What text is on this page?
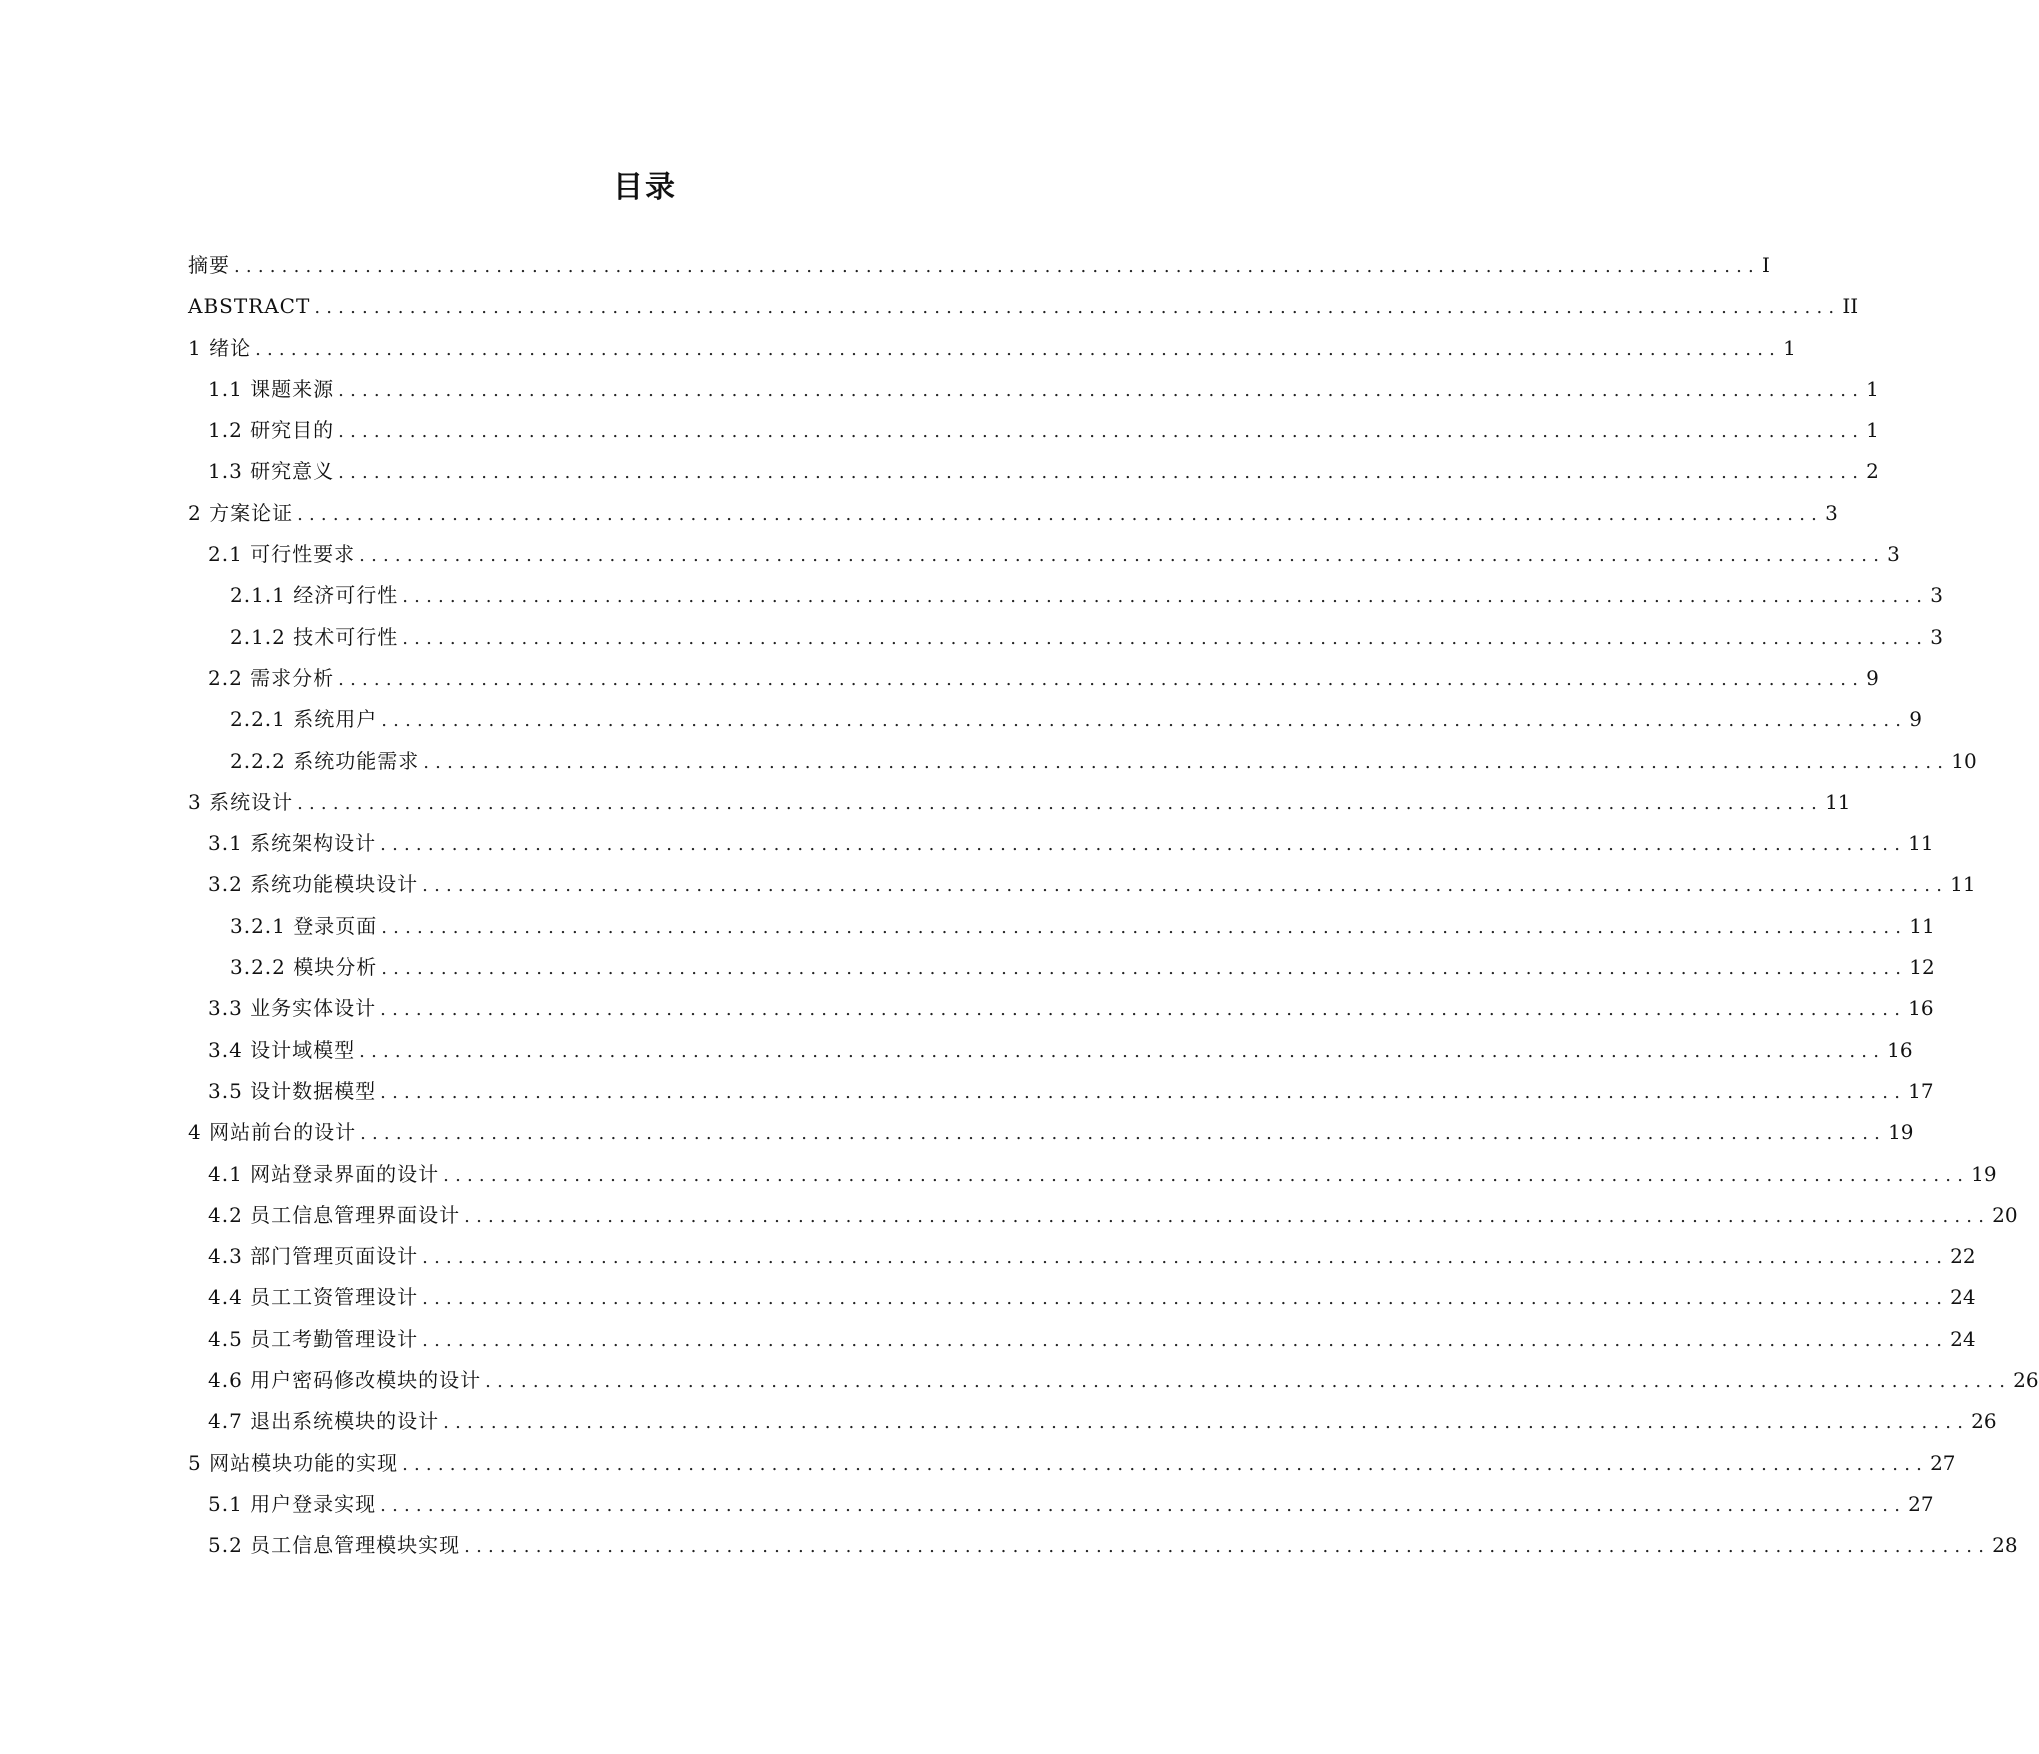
目录
摘要 ................................................................................................................................ I
ABSTRACT ................................................................................................................................ II
1 绪论 ................................................................................................................................ 1
1.1 课题来源 ................................................................................................................................ 1
1.2 研究目的 ................................................................................................................................ 1
1.3 研究意义 ................................................................................................................................ 2
2 方案论证 ................................................................................................................................ 3
2.1 可行性要求 ................................................................................................................................ 3
2.1.1 经济可行性 ................................................................................................................................ 3
2.1.2 技术可行性 ................................................................................................................................ 3
2.2 需求分析 ................................................................................................................................ 9
2.2.1 系统用户 ................................................................................................................................ 9
2.2.2 系统功能需求 ................................................................................................................................ 10
3 系统设计 ................................................................................................................................ 11
3.1 系统架构设计 ................................................................................................................................ 11
3.2 系统功能模块设计 ................................................................................................................................ 11
3.2.1 登录页面 ................................................................................................................................ 11
3.2.2 模块分析 ................................................................................................................................ 12
3.3 业务实体设计 ................................................................................................................................ 16
3.4 设计域模型 ................................................................................................................................ 16
3.5 设计数据模型 ................................................................................................................................ 17
4 网站前台的设计 ................................................................................................................................ 19
4.1 网站登录界面的设计 ................................................................................................................................ 19
4.2 员工信息管理界面设计 ................................................................................................................................ 20
4.3 部门管理页面设计 ................................................................................................................................ 22
4.4 员工工资管理设计 ................................................................................................................................ 24
4.5 员工考勤管理设计 ................................................................................................................................ 24
4.6 用户密码修改模块的设计 ................................................................................................................................ 26
4.7 退出系统模块的设计 ................................................................................................................................ 26
5 网站模块功能的实现 ................................................................................................................................ 27
5.1 用户登录实现 ................................................................................................................................ 27
5.2 员工信息管理模块实现 ................................................................................................................................ 28
